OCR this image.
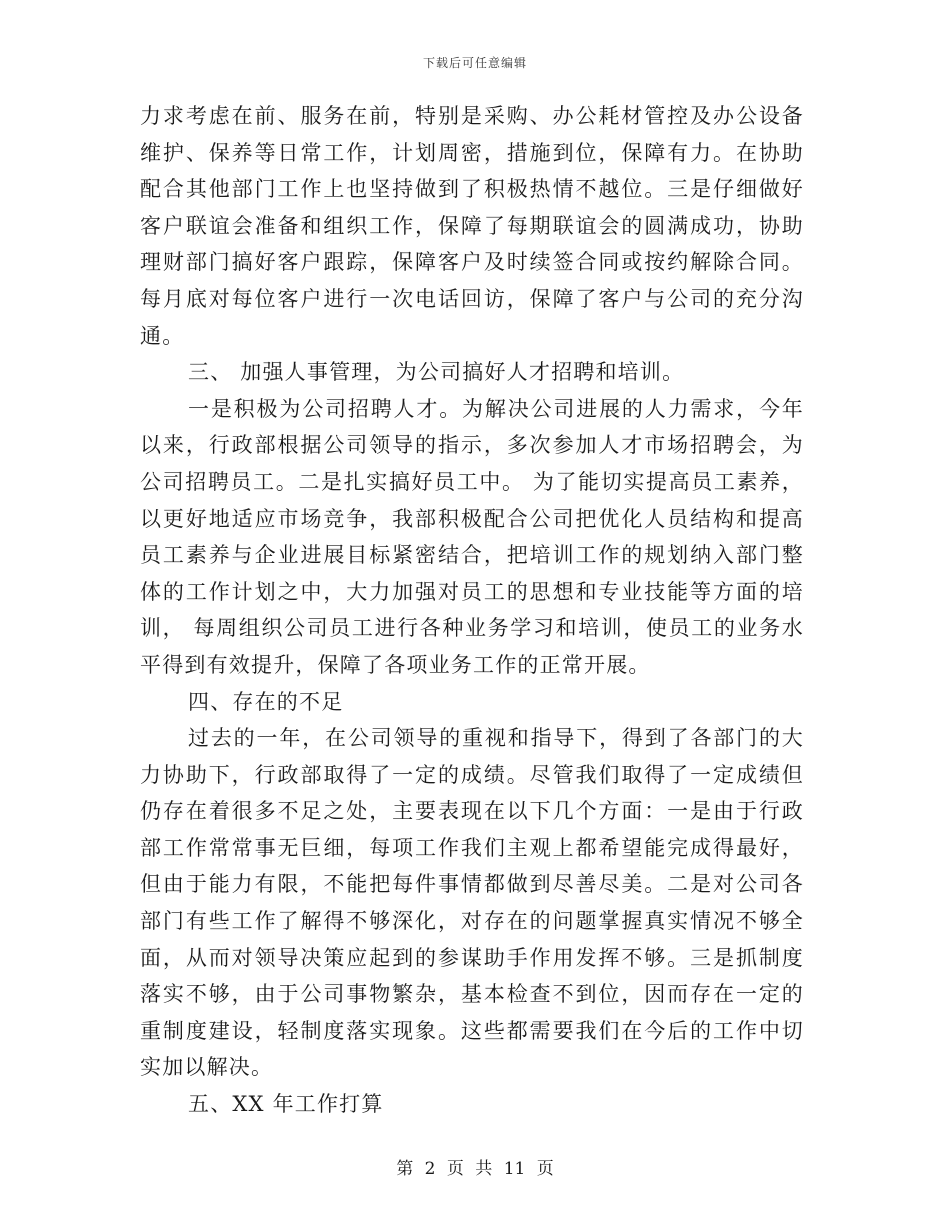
下载后可任意编辑

力求考虑在前、服务在前，特别是采购、办公耗材管控及办公设备维护、保养等日常工作，计划周密，措施到位，保障有力。在协助配合其他部门工作上也坚持做到了积极热情不越位。三是仔细做好客户联谊会准备和组织工作，保障了每期联谊会的圆满成功，协助理财部门搞好客户跟踪，保障客户及时续签合同或按约解除合同。每月底对每位客户进行一次电话回访，保障了客户与公司的充分沟通。

三、 加强人事管理，为公司搞好人才招聘和培训。

一是积极为公司招聘人才。为解决公司进展的人力需求，今年以来，行政部根据公司领导的指示，多次参加人才市场招聘会，为公司招聘员工。二是扎实搞好员工中。 为了能切实提高员工素养，以更好地适应市场竞争，我部积极配合公司把优化人员结构和提高员工素养与企业进展目标紧密结合，把培训工作的规划纳入部门整体的工作计划之中，大力加强对员工的思想和专业技能等方面的培训， 每周组织公司员工进行各种业务学习和培训，使员工的业务水平得到有效提升，保障了各项业务工作的正常开展。

四、存在的不足

过去的一年，在公司领导的重视和指导下，得到了各部门的大力协助下，行政部取得了一定的成绩。尽管我们取得了一定成绩但仍存在着很多不足之处，主要表现在以下几个方面：一是由于行政部工作常常事无巨细，每项工作我们主观上都希望能完成得最好，但由于能力有限，不能把每件事情都做到尽善尽美。二是对公司各部门有些工作了解得不够深化，对存在的问题掌握真实情况不够全面，从而对领导决策应起到的参谋助手作用发挥不够。三是抓制度落实不够，由于公司事物繁杂，基本检查不到位，因而存在一定的重制度建设，轻制度落实现象。这些都需要我们在今后的工作中切实加以解决。

五、XX 年工作打算

第 2 页 共 11 页
